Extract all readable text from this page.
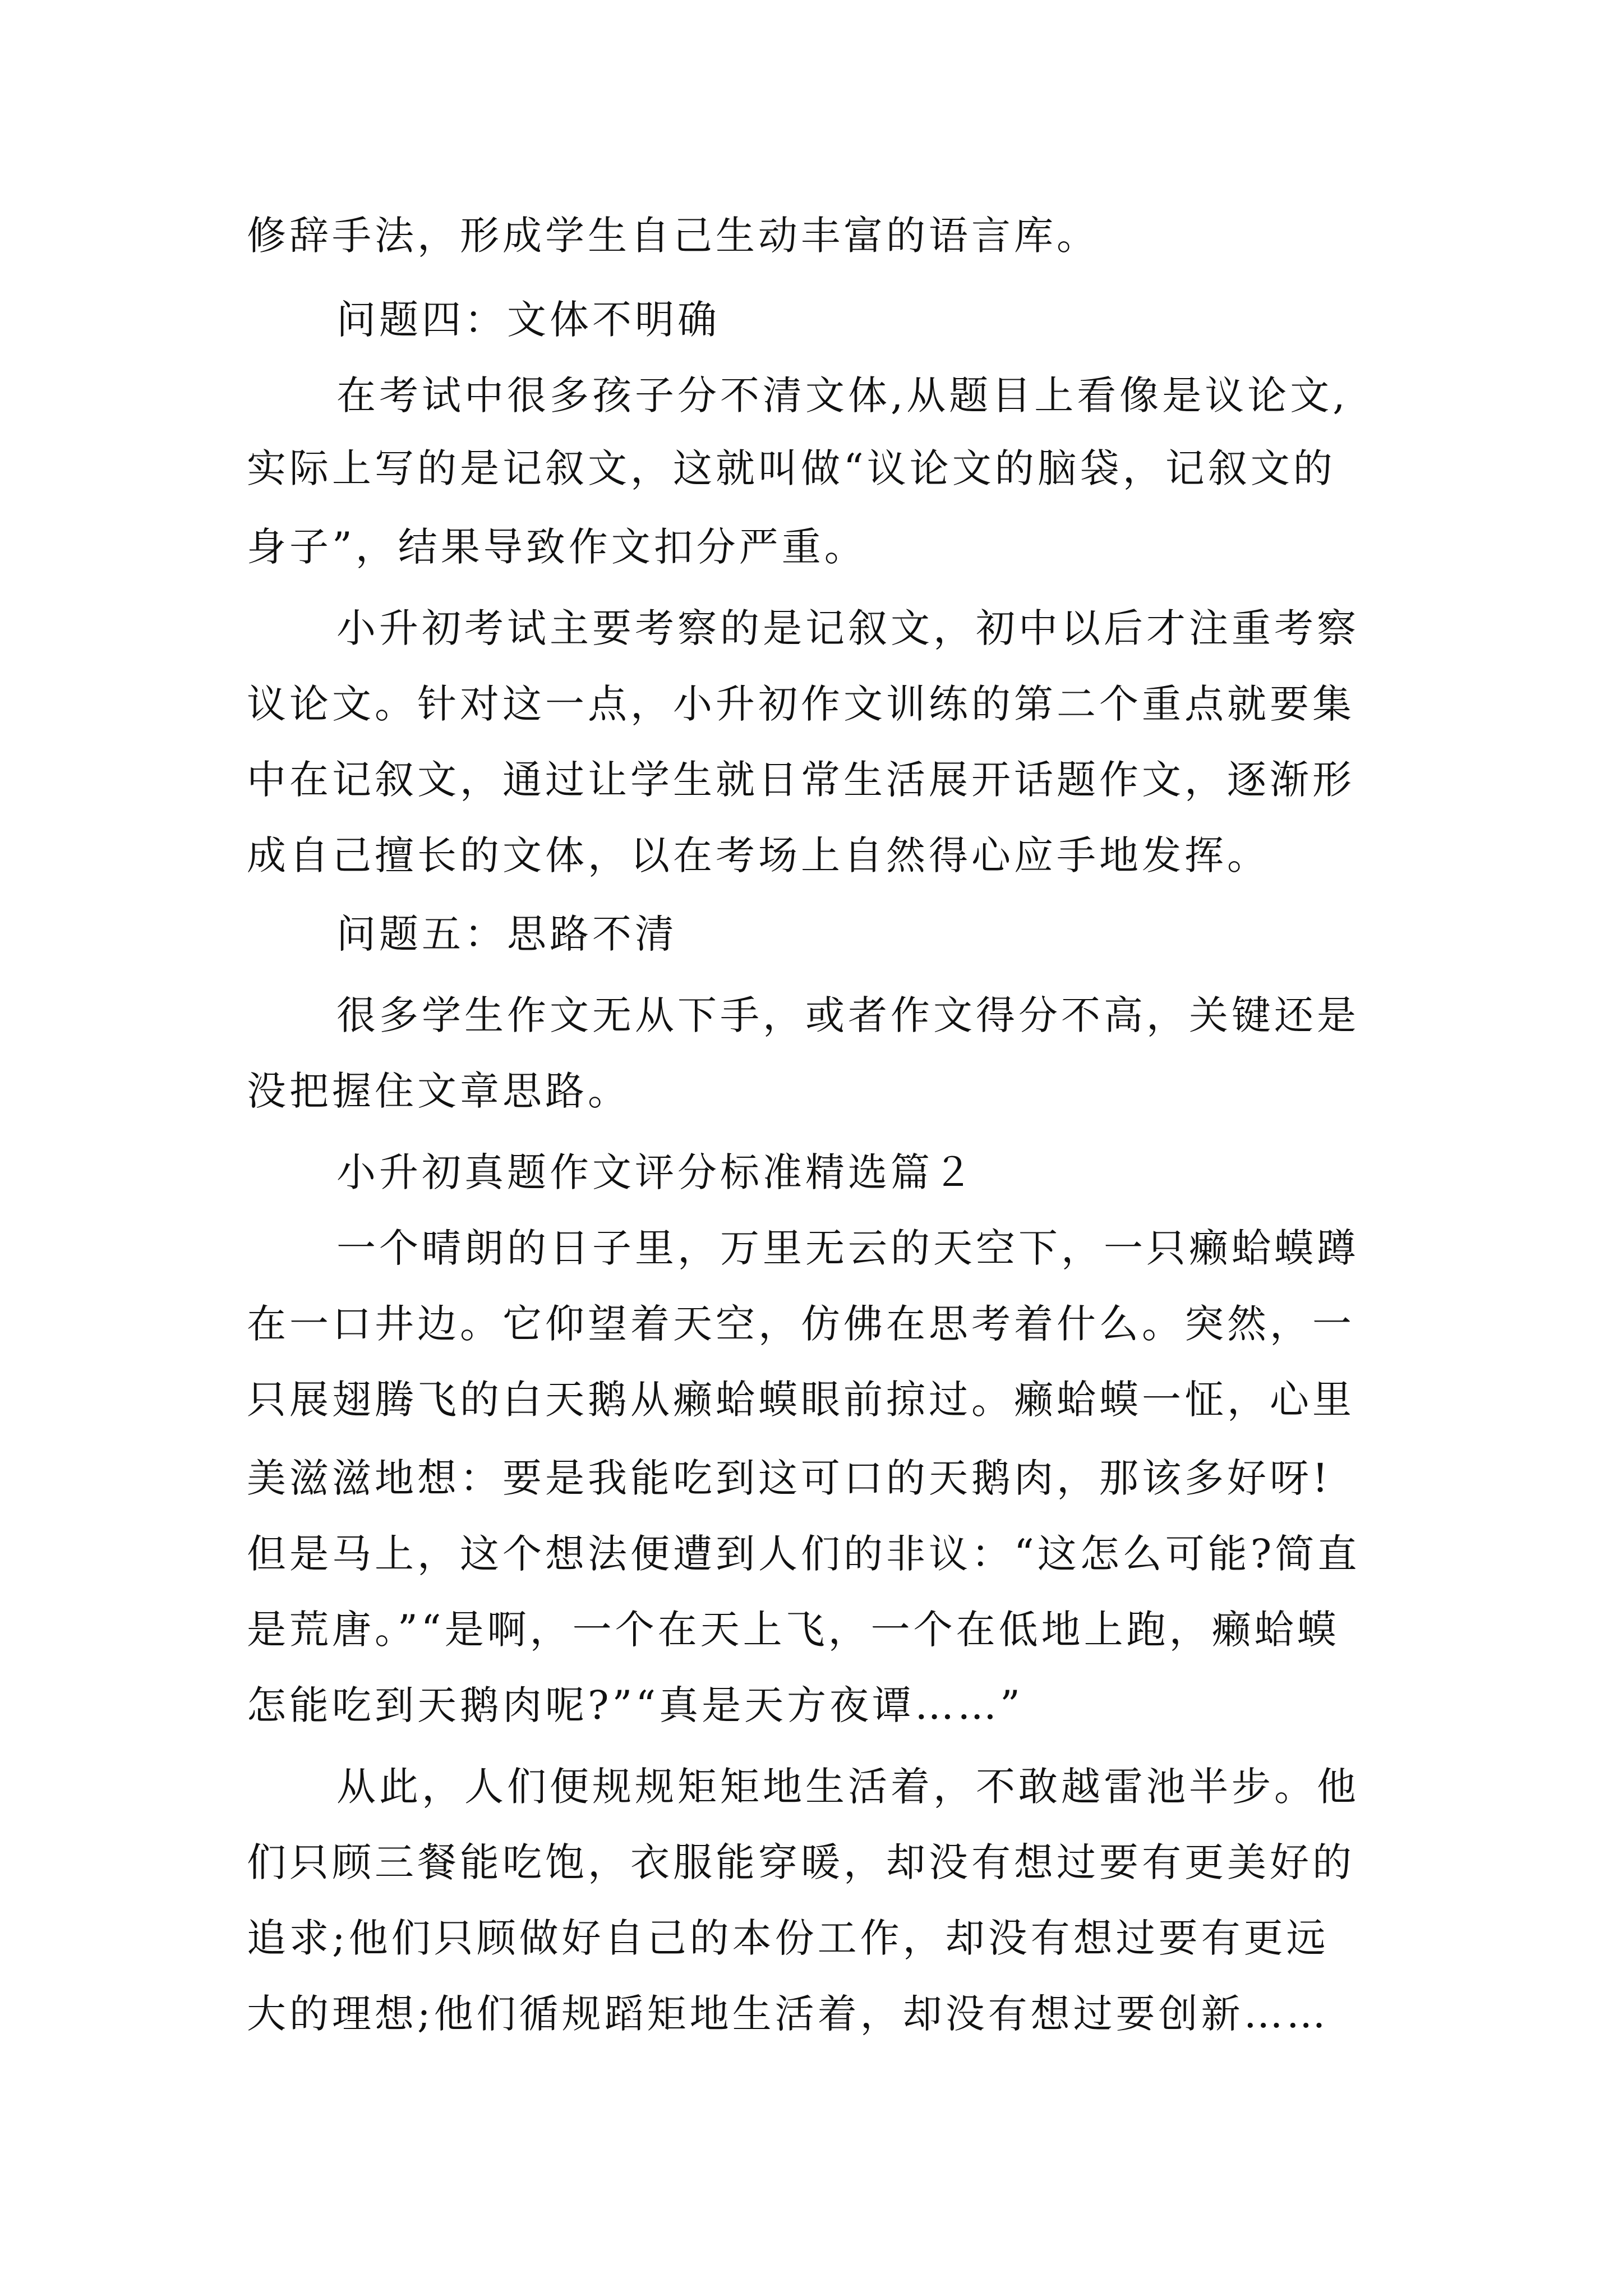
修辞手法，形成学生自己生动丰富的语言库。
问题四：文体不明确
在考试中很多孩子分不清文体,从题目上看像是议论文,
实际上写的是记叙文，这就叫做“议论文的脑袋，记叙文的
身子”，结果导致作文扣分严重。
小升初考试主要考察的是记叙文，初中以后才注重考察
议论文。针对这一点，小升初作文训练的第二个重点就要集
中在记叙文，通过让学生就日常生活展开话题作文，逐渐形
成自己擅长的文体，以在考场上自然得心应手地发挥。
问题五：思路不清
很多学生作文无从下手，或者作文得分不高，关键还是
没把握住文章思路。
小升初真题作文评分标准精选篇２
一个晴朗的日子里，万里无云的天空下，一只癞蛤蟆蹲
在一口井边。它仰望着天空，仿佛在思考着什么。突然，一
只展翅腾飞的白天鹅从癞蛤蟆眼前掠过。癞蛤蟆一怔，心里
美滋滋地想：要是我能吃到这可口的天鹅肉，那该多好呀!
但是马上，这个想法便遭到人们的非议：“这怎么可能?简直
是荒唐。”“是啊，一个在天上飞，一个在低地上跑，癞蛤蟆
怎能吃到天鹅肉呢?”“真是天方夜谭……”
从此，人们便规规矩矩地生活着，不敢越雷池半步。他
们只顾三餐能吃饱，衣服能穿暖，却没有想过要有更美好的
追求;他们只顾做好自己的本份工作，却没有想过要有更远
大的理想;他们循规蹈矩地生活着，却没有想过要创新……
